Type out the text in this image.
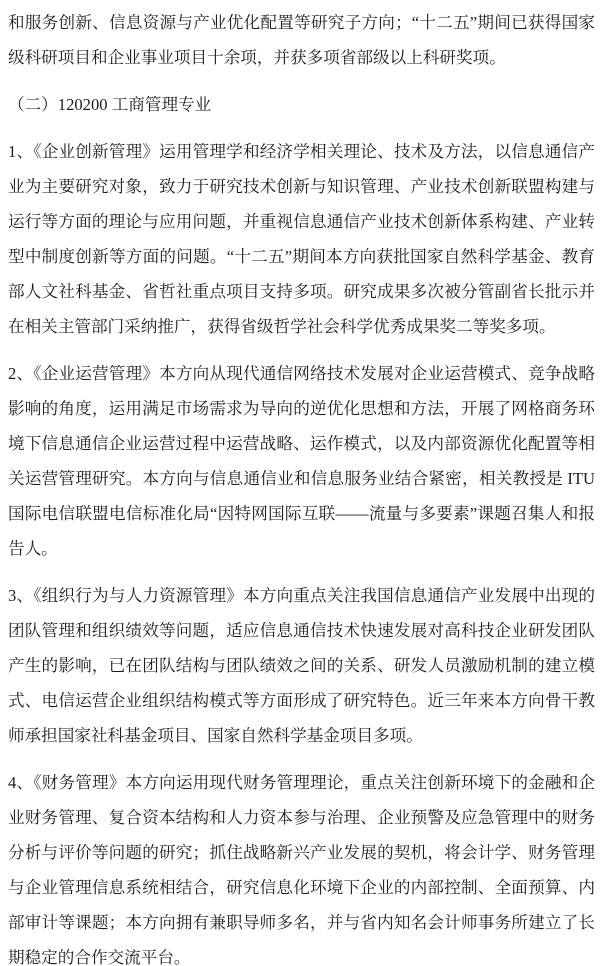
和服务创新、信息资源与产业优化配置等研究子方向；“十二五”期间已获得国家级科研项目和企业事业项目十余项，并获多项省部级以上科研奖项。

（二）120200 工商管理专业

1、《企业创新管理》运用管理学和经济学相关理论、技术及方法，以信息通信产业为主要研究对象，致力于研究技术创新与知识管理、产业技术创新联盟构建与运行等方面的理论与应用问题，并重视信息通信产业技术创新体系构建、产业转型中制度创新等方面的问题。“十二五”期间本方向获批国家自然科学基金、教育部人文社科基金、省哲社重点项目支持多项。研究成果多次被分管副省长批示并在相关主管部门采纳推广，获得省级哲学社会科学优秀成果奖二等奖多项。

2、《企业运营管理》本方向从现代通信网络技术发展对企业运营模式、竞争战略影响的角度，运用满足市场需求为导向的逆优化思想和方法，开展了网格商务环境下信息通信企业运营过程中运营战略、运作模式，以及内部资源优化配置等相关运营管理研究。本方向与信息通信业和信息服务业结合紧密，相关教授是 ITU 国际电信联盟电信标准化局“因特网国际互联——流量与多要素”课题召集人和报告人。

3、《组织行为与人力资源管理》本方向重点关注我国信息通信产业发展中出现的团队管理和组织绩效等问题，适应信息通信技术快速发展对高科技企业研发团队产生的影响，已在团队结构与团队绩效之间的关系、研发人员激励机制的建立模式、电信运营企业组织结构模式等方面形成了研究特色。近三年来本方向骨干教师承担国家社科基金项目、国家自然科学基金项目多项。

4、《财务管理》本方向运用现代财务管理理论，重点关注创新环境下的金融和企业财务管理、复合资本结构和人力资本参与治理、企业预警及应急管理中的财务分析与评价等问题的研究；抓住战略新兴产业发展的契机，将会计学、财务管理与企业管理信息系统相结合，研究信息化环境下企业的内部控制、全面预算、内部审计等课题；本方向拥有兼职导师多名，并与省内知名会计师事务所建立了长期稳定的合作交流平台。
